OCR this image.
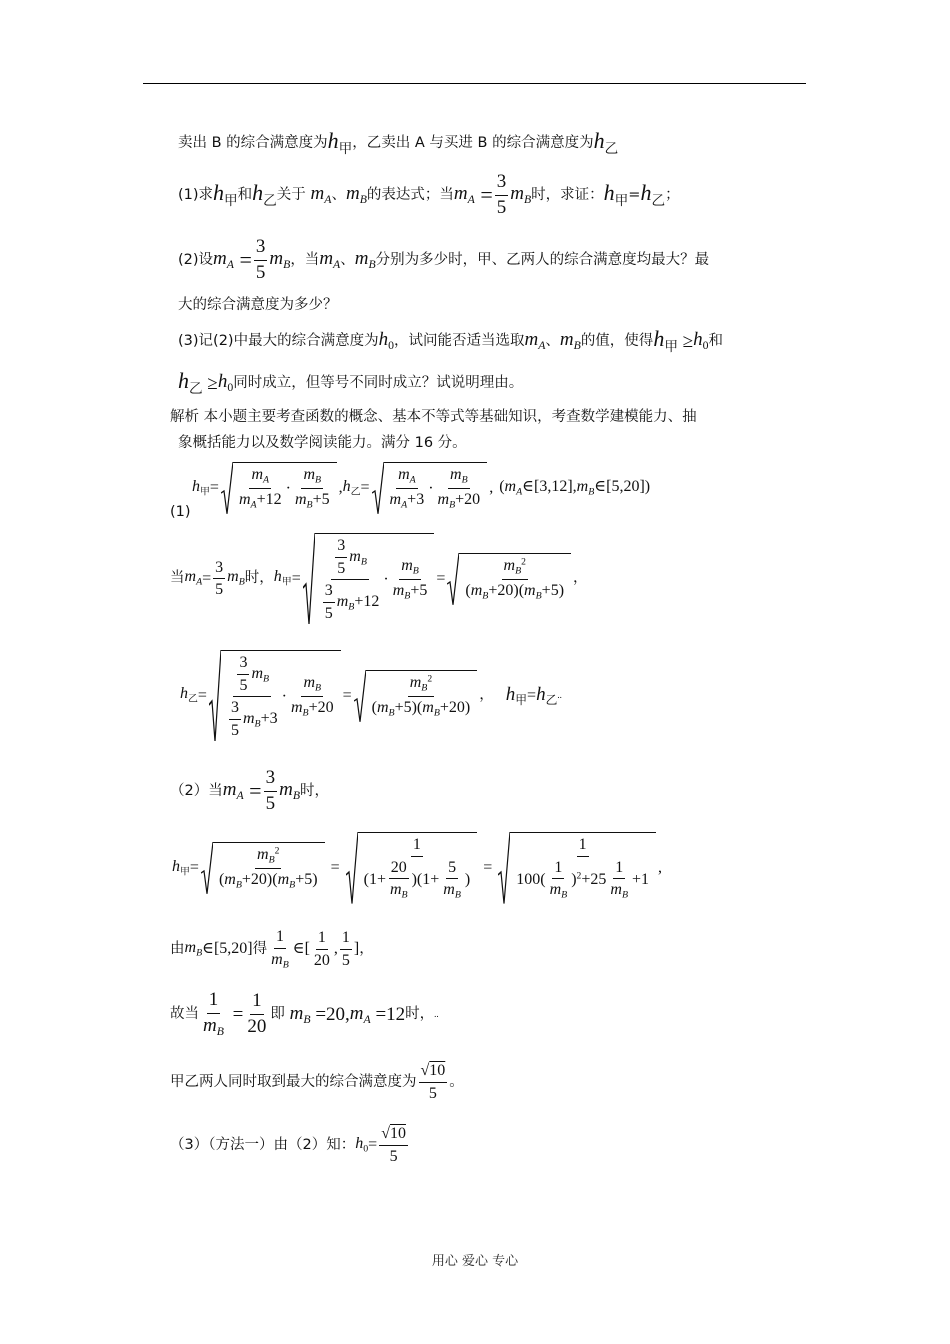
卖出 B 的综合满意度为 $h_甲$ ，乙卖出 A 与买进 B 的综合满意度为 $h_乙$
(1)求 $h_甲$ 和 $h_乙$ 关于 $m_A$ 、 $m_B$ 的表达式；当 $m_A = \frac{3}{5} m_B$ 时，求证： $h_甲 = h_乙$ ；
(2)设 $m_A = \frac{3}{5} m_B$ ，当 $m_A$ 、 $m_B$ 分别为多少时，甲、乙两人的综合满意度均最大？最
大的综合满意度为多少？
(3)记(2)中最大的综合满意度为 $h_0$ ，试问能否适当选取 $m_A$ 、 $m_B$ 的值，使得 $h_甲 \ge h_0$ 和
$h_乙 \ge h_0$ 同时成立，但等号不同时成立？试说明理由。
解析 本小题主要考查函数的概念、基本不等式等基础知识，考查数学建模能力、抽
象概括能力以及数学阅读能力。满分 16 分。
(1)
$h_甲 = \frac{m_A}{m_A+12} \cdot \frac{m_B}{m_B+5}$ , $h_乙 = \frac{m_A}{m_A+3} \cdot \frac{m_B}{m_B+20}$ , $(m_A\in[3,12],m_B\in[5,20])$
当 $m_A = \frac{3}{5} m_B$ 时， $h_甲 = \frac{\frac{3}{5} m_B}{\frac{3}{5} m_B+12} \cdot \frac{m_B}{m_B+5} = \frac{m_B^2}{(m_B+20)(m_B+5)}$ ，
$h_乙 = \frac{\frac{3}{5} m_B}{\frac{3}{5} m_B+3} \cdot \frac{m_B}{m_B+20} = \frac{m_B^2}{(m_B+5)(m_B+20)}$ ， $h_甲 = h_乙$ ..
（2）当 $m_A = \frac{3}{5} m_B$ 时，
$h_甲 = \frac{m_B^2}{(m_B+20)(m_B+5)} = \frac{1}{(1+ \frac{20}{m_B} )(1+ \frac{5}{m_B} )} = \frac{1}{100( \frac{1}{m_B} )^2+25 \frac{1}{m_B} +1}$ ,
由 $m_B$ ∈[5,20] 得 $\frac{1}{m_B}$ ∈[ $\frac{1}{20}$ , $\frac{1}{5}$ ] ，
故当 $\frac{1}{m_B} = \frac{1}{20}$ 即 $m_B =20$, $m_A =12$ 时， ..
甲乙两人同时取到最大的综合满意度为 $\frac{√10}{5}$ 。
（3）（方法一）由（2）知： $h_0 = \frac{√10}{5}$
用心 爱心 专心
